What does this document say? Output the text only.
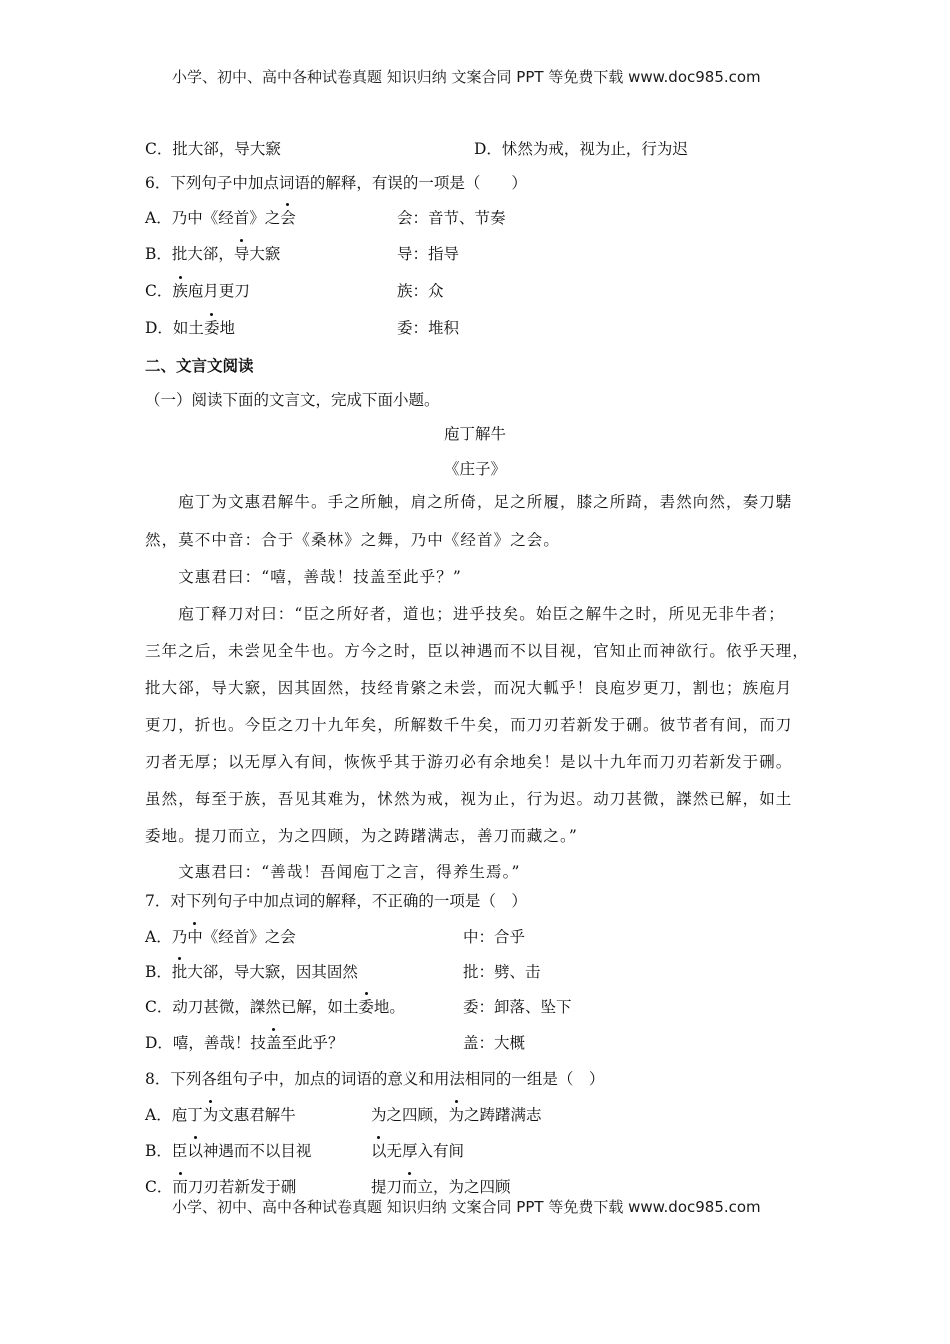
小学、初中、高中各种试卷真题 知识归纳 文案合同 PPT 等免费下载 www.doc985.com
C．批大郤，导大窾	D．怵然为戒，视为止，行为迟
6．下列句子中加点词语的解释，有误的一项是（　　）
A．乃中《经首》之会	会：音节、节奏
B．批大郤，导大窾	导：指导
C．族庖月更刀	族：众
D．如土委地	委：堆积
二、文言文阅读
（一）阅读下面的文言文，完成下面小题。
庖丁解牛
《庄子》
　　庖丁为文惠君解牛。手之所触，肩之所倚，足之所履，膝之所踦，砉然向然，奏刀騞
然，莫不中音：合于《桑林》之舞，乃中《经首》之会。
　　文惠君曰：“嘻，善哉！技盖至此乎？”
　　庖丁释刀对曰：“臣之所好者，道也；进乎技矣。始臣之解牛之时，所见无非牛者；
三年之后，未尝见全牛也。方今之时，臣以神遇而不以目视，官知止而神欲行。依乎天理，
批大郤，导大窾，因其固然，技经肯綮之未尝，而况大軱乎！良庖岁更刀，割也；族庖月
更刀，折也。今臣之刀十九年矣，所解数千牛矣，而刀刃若新发于硎。彼节者有间，而刀
刃者无厚；以无厚入有间，恢恢乎其于游刃必有余地矣！是以十九年而刀刃若新发于硎。
虽然，每至于族，吾见其难为，怵然为戒，视为止，行为迟。动刀甚微，謋然已解，如土
委地。提刀而立，为之四顾，为之踌躇满志，善刀而藏之。”
　　文惠君曰：“善哉！吾闻庖丁之言，得养生焉。”
7．对下列句子中加点词的解释，不正确的一项是（　）
A．乃中《经首》之会	中：合乎
B．批大郤，导大窾，因其固然	批：劈、击
C．动刀甚微，謋然已解，如土委地。	委：卸落、坠下
D．嘻，善哉！技盖至此乎？	盖：大概
8．下列各组句子中，加点的词语的意义和用法相同的一组是（　）
A．庖丁为文惠君解牛	为之四顾，为之踌躇满志
B．臣以神遇而不以目视	以无厚入有间
C．而刀刃若新发于硎	提刀而立，为之四顾
小学、初中、高中各种试卷真题 知识归纳 文案合同 PPT 等免费下载 www.doc985.com
